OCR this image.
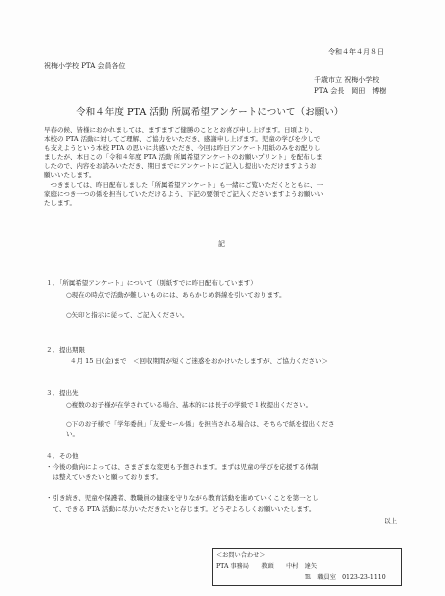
令和４年４月８日
祝梅小学校 PTA 会員各位
千歳市立 祝梅小学校
PTA 会長　岡田　博樹
令和４年度 PTA 活動 所属希望アンケートについて（お願い）
早春の候、皆様におかれましては、ますますご健勝のこととお喜び申し上げます。日頃より、
本校の PTA 活動に対してご理解、ご協力をいただき、感謝申し上げます。児童の学びを少しで
も支えようという本校 PTA の思いに共感いただき、今回は昨日アンケート用紙のみをお配りし
ましたが、本日この「令和４年度 PTA 活動 所属希望アンケートのお願いプリント」を配布しま
したので、内容をお読みいただき、期日までにアンケートにご記入し提出いただけますようお
願いいたします。
　つきましては、昨日配布しました「所属希望アンケート」も一緒にご覧いただくとともに、一
家庭につき一つの係を担当していただけるよう、下記の要領でご記入くださいますようお願いい
たします。
記
１．「所属希望アンケート」について（別紙すでに昨日配布しています）
○現在の時点で活動が難しいものには、あらかじめ斜線を引いております。
○矢印と指示に従って、ご記入ください。
２．提出期限
４月 15 日(金)まで　＜回収期間が短くご迷惑をおかけいたしますが、ご協力ください＞
３．提出先
○複数のお子様が在学されている場合、基本的には長子の学級で１枚提出ください。
○下のお子様で「学年委員」「友愛セール係」を担当される場合は、そちらで紙を提出くださ
い。
４．その他
・今後の動向によっては、さまざまな変更も予想されます。まずは児童の学びを応援する体制
　は整えていきたいと願っております。
・引き続き、児童や保護者、教職員の健康を守りながら教育活動を進めていくことを第一とし
　て、できる PTA 活動に尽力いただきたいと存じます。どうぞよろしくお願いいたします。
以上
＜お問い合わせ＞
PTA 事務局　　教頭　　中村　達矢
℡　職員室　0123-23-1110
